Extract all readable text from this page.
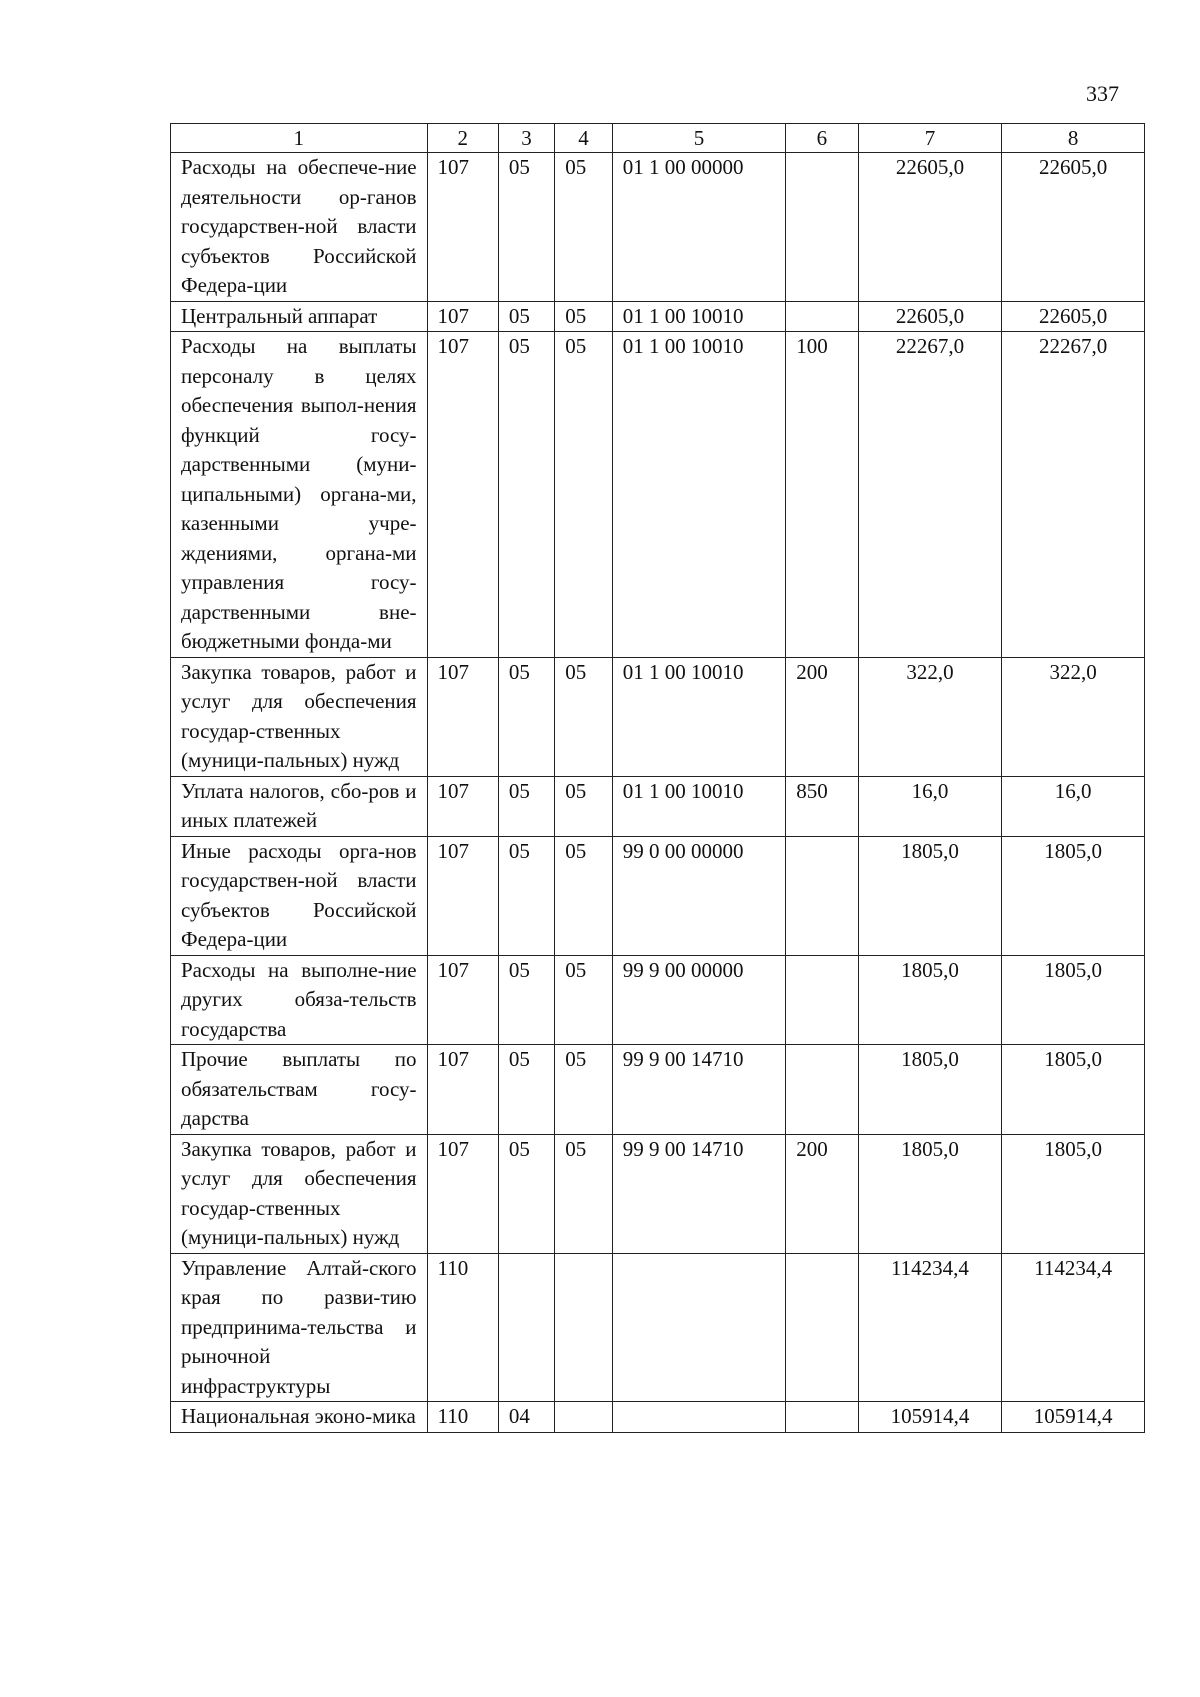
337
1	2	3	4	5	6	7	8
Расходы на обеспече-ние деятельности ор-ганов государствен-ной власти субъектов Российской Федера-ции	107	05	05	01 1 00 00000		22605,0	22605,0
Центральный аппарат	107	05	05	01 1 00 10010		22605,0	22605,0
Расходы на выплаты персоналу в целях обеспечения выпол-нения функций госу-дарственными (муни-ципальными) органа-ми, казенными учре-ждениями, органа-ми управления госу-дарственными вне-бюджетными фонда-ми	107	05	05	01 1 00 10010	100	22267,0	22267,0
Закупка товаров, работ и услуг для обеспечения государ-ственных (муници-пальных) нужд	107	05	05	01 1 00 10010	200	322,0	322,0
Уплата налогов, сбо-ров и иных платежей	107	05	05	01 1 00 10010	850	16,0	16,0
Иные расходы орга-нов государствен-ной власти субъектов Российской Федера-ции	107	05	05	99 0 00 00000		1805,0	1805,0
Расходы на выполне-ние других обяза-тельств государства	107	05	05	99 9 00 00000		1805,0	1805,0
Прочие выплаты по обязательствам госу-дарства	107	05	05	99 9 00 14710		1805,0	1805,0
Закупка товаров, работ и услуг для обеспечения государ-ственных (муници-пальных) нужд	107	05	05	99 9 00 14710	200	1805,0	1805,0
Управление Алтай-ского края по разви-тию предпринима-тельства и рыночной инфраструктуры	110					114234,4	114234,4
Национальная эконо-мика	110	04				105914,4	105914,4
